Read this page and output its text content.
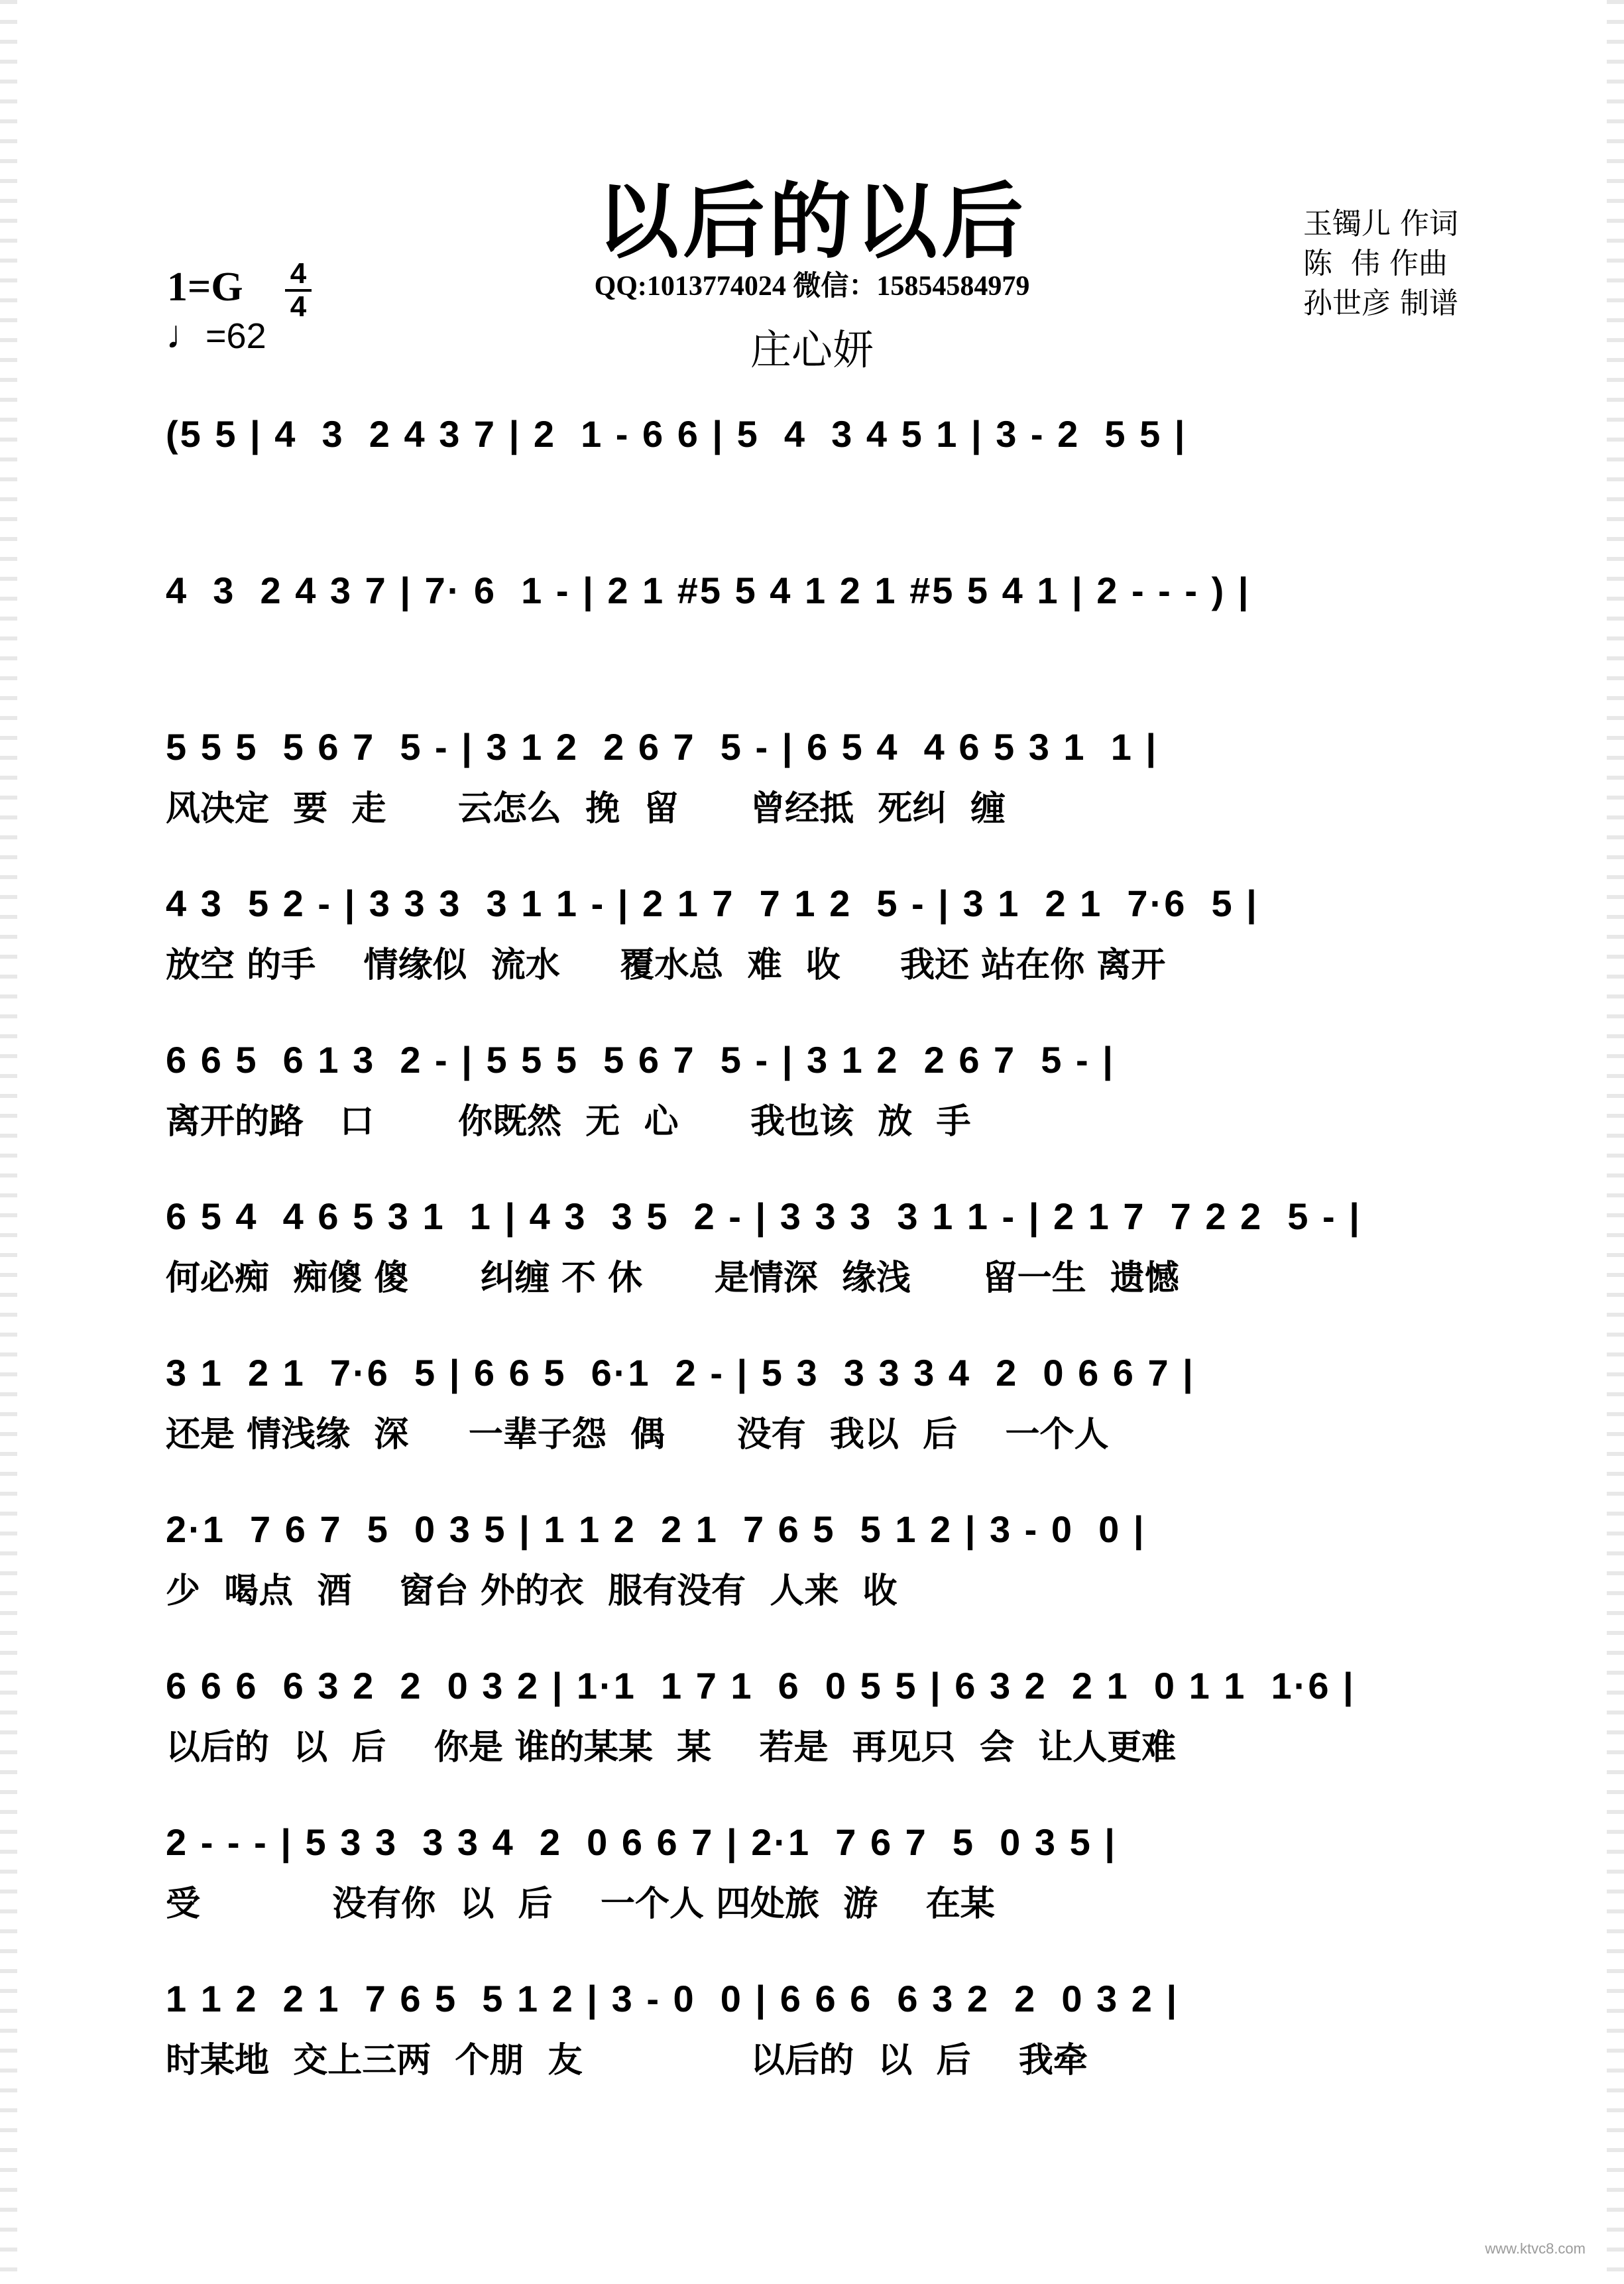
以后的以后
QQ:1013774024 微信：15854584979
庄心妍
玉镯儿 作词
陈  伟 作曲
孙世彦 制谱
1=G 4
4
♩=62
(5 5 | 4  3  2 4 3 7 | 2  1 - 6 6 | 5  4  3 4 5 1 | 3 - 2  5 5 |
4  3  2 4 3 7 | 7· 6  1 - | 2 1 #5 5 4 1 2 1 #5 5 4 1 | 2 - - - ) |
5 5 5  5 6 7  5 - | 3 1 2  2 6 7  5 - | 6 5 4  4 6 5 3 1  1 |
风决定  要  走      云怎么  挽  留      曾经抵  死纠  缠
4 3  5 2 - | 3 3 3  3 1 1 - | 2 1 7  7 1 2  5 - | 3 1  2 1  7·6  5 |
放空 的手    情缘似  流水     覆水总  难  收     我还 站在你 离开
6 6 5  6 1 3  2 - | 5 5 5  5 6 7  5 - | 3 1 2  2 6 7  5 - |
离开的路   口       你既然  无  心      我也该  放  手
6 5 4  4 6 5 3 1  1 | 4 3  3 5  2 - | 3 3 3  3 1 1 - | 2 1 7  7 2 2  5 - |
何必痴  痴傻 傻      纠缠 不 休      是情深  缘浅      留一生  遗憾
3 1  2 1  7·6  5 | 6 6 5  6·1  2 - | 5 3  3 3 3 4  2  0 6 6 7 |
还是 情浅缘  深     一辈子怨  偶      没有  我以  后    一个人
2·1  7 6 7  5  0 3 5 | 1 1 2  2 1  7 6 5  5 1 2 | 3 - 0  0 |
少  喝点  酒    窗台 外的衣  服有没有  人来  收
6 6 6  6 3 2  2  0 3 2 | 1·1  1 7 1  6  0 5 5 | 6 3 2  2 1  0 1 1  1·6 |
以后的  以  后    你是 谁的某某  某    若是  再见只  会  让人更难
2 - - - | 5 3 3  3 3 4  2  0 6 6 7 | 2·1  7 6 7  5  0 3 5 |
受           没有你  以  后    一个人 四处旅  游    在某
1 1 2  2 1  7 6 5  5 1 2 | 3 - 0  0 | 6 6 6  6 3 2  2  0 3 2 |
时某地  交上三两  个朋  友              以后的  以  后    我牵
www.ktvc8.com
